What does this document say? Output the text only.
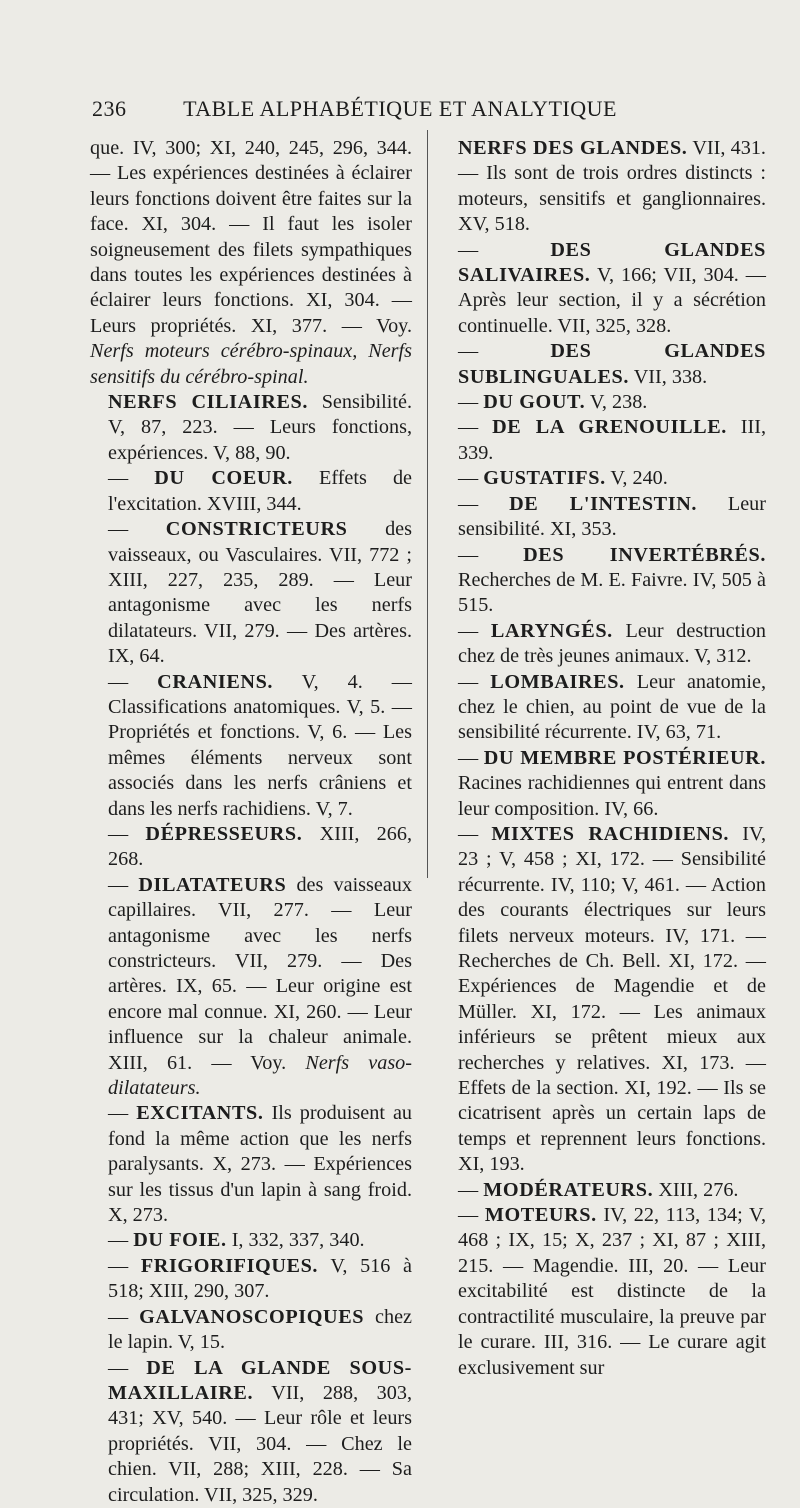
236	TABLE ALPHABÉTIQUE ET ANALYTIQUE

que. IV, 300; XI, 240, 245, 296, 344. — Les expériences destinées à éclairer leurs fonctions doivent être faites sur la face. XI, 304. — Il faut les isoler soigneusement des filets sympathiques dans toutes les expériences destinées à éclairer leurs fonctions. XI, 304. — Leurs propriétés. XI, 377. — Voy. Nerfs moteurs cérébro-spinaux, Nerfs sensitifs du cérébro-spinal.

NERFS CILIAIRES. Sensibilité. V, 87, 223. — Leurs fonctions, expériences. V, 88, 90.

— DU COEUR. Effets de l'excitation. XVIII, 344.

— CONSTRICTEURS des vaisseaux, ou Vasculaires. VII, 772 ; XIII, 227, 235, 289. — Leur antagonisme avec les nerfs dilatateurs. VII, 279. — Des artères. IX, 64.

— CRANIENS. V, 4. — Classifications anatomiques. V, 5. — Propriétés et fonctions. V, 6. — Les mêmes éléments nerveux sont associés dans les nerfs crâniens et dans les nerfs rachidiens. V, 7.

— DÉPRESSEURS. XIII, 266, 268.

— DILATATEURS des vaisseaux capillaires. VII, 277. — Leur antagonisme avec les nerfs constricteurs. VII, 279. — Des artères. IX, 65. — Leur origine est encore mal connue. XI, 260. — Leur influence sur la chaleur animale. XIII, 61. — Voy. Nerfs vaso-dilatateurs.

— EXCITANTS. Ils produisent au fond la même action que les nerfs paralysants. X, 273. — Expériences sur les tissus d'un lapin à sang froid. X, 273.

— DU FOIE. I, 332, 337, 340.

— FRIGORIFIQUES. V, 516 à 518; XIII, 290, 307.

— GALVANOSCOPIQUES chez le lapin. V, 15.

— DE LA GLANDE SOUS-MAXILLAIRE. VII, 288, 303, 431; XV, 540. — Leur rôle et leurs propriétés. VII, 304. — Chez le chien. VII, 288; XIII, 228. — Sa circulation. VII, 325, 329.

NERFS DES GLANDES. VII, 431. — Ils sont de trois ordres distincts : moteurs, sensitifs et ganglionnaires. XV, 518.

— DES GLANDES SALIVAIRES. V, 166; VII, 304. — Après leur section, il y a sécrétion continuelle. VII, 325, 328.

— DES GLANDES SUBLINGUALES. VII, 338.

— DU GOUT. V, 238.

— DE LA GRENOUILLE. III, 339.

— GUSTATIFS. V, 240.

— DE L'INTESTIN. Leur sensibilité. XI, 353.

— DES INVERTÉBRÉS. Recherches de M. E. Faivre. IV, 505 à 515.

— LARYNGÉS. Leur destruction chez de très jeunes animaux. V, 312.

— LOMBAIRES. Leur anatomie, chez le chien, au point de vue de la sensibilité récurrente. IV, 63, 71.

— DU MEMBRE POSTÉRIEUR. Racines rachidiennes qui entrent dans leur composition. IV, 66.

— MIXTES RACHIDIENS. IV, 23 ; V, 458 ; XI, 172. — Sensibilité récurrente. IV, 110; V, 461. — Action des courants électriques sur leurs filets nerveux moteurs. IV, 171. — Recherches de Ch. Bell. XI, 172. — Expériences de Magendie et de Müller. XI, 172. — Les animaux inférieurs se prêtent mieux aux recherches y relatives. XI, 173. — Effets de la section. XI, 192. — Ils se cicatrisent après un certain laps de temps et reprennent leurs fonctions. XI, 193.

— MODÉRATEURS. XIII, 276.

— MOTEURS. IV, 22, 113, 134; V, 468 ; IX, 15; X, 237 ; XI, 87 ; XIII, 215. — Magendie. III, 20. — Leur excitabilité est distincte de la contractilité musculaire, la preuve par le curare. III, 316. — Le curare agit exclusivement sur
